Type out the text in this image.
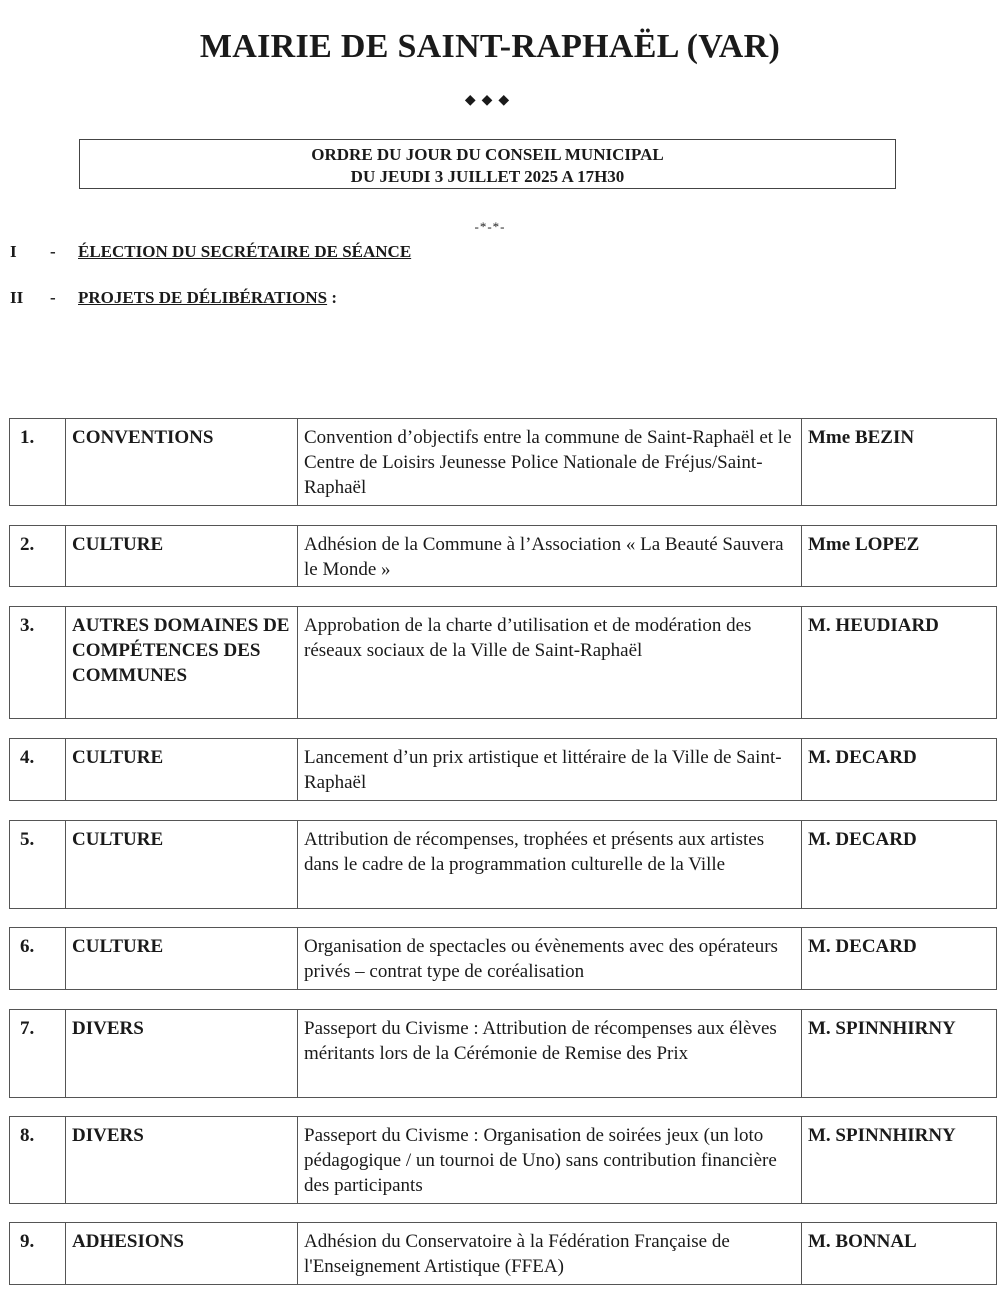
MAIRIE DE SAINT-RAPHAËL (VAR)
◆◆◆
ORDRE DU JOUR DU CONSEIL MUNICIPAL
DU JEUDI 3 JUILLET 2025 A 17H30
-*-*-
I - ÉLECTION DU SECRÉTAIRE DE SÉANCE
II - PROJETS DE DÉLIBÉRATIONS :
1.	CONVENTIONS	Convention d’objectifs entre la commune de Saint-Raphaël et le Centre de Loisirs Jeunesse Police Nationale de Fréjus/Saint-Raphaël	Mme BEZIN
2.	CULTURE	Adhésion de la Commune à l’Association « La Beauté Sauvera le Monde »	Mme LOPEZ
3.	AUTRES DOMAINES DE COMPÉTENCES DES COMMUNES	Approbation de la charte d’utilisation et de modération des réseaux sociaux de la Ville de Saint-Raphaël	M. HEUDIARD
4.	CULTURE	Lancement d’un prix artistique et littéraire de la Ville de Saint-Raphaël	M. DECARD
5.	CULTURE	Attribution de récompenses, trophées et présents aux artistes dans le cadre de la programmation culturelle de la Ville	M. DECARD
6.	CULTURE	Organisation de spectacles ou évènements avec des opérateurs privés – contrat type de coréalisation	M. DECARD
7.	DIVERS	Passeport du Civisme : Attribution de récompenses aux élèves méritants lors de la Cérémonie de Remise des Prix	M. SPINNHIRNY
8.	DIVERS	Passeport du Civisme : Organisation de soirées jeux (un loto pédagogique / un tournoi de Uno) sans contribution financière des participants	M. SPINNHIRNY
9.	ADHESIONS	Adhésion du Conservatoire à la Fédération Française de l'Enseignement Artistique (FFEA)	M. BONNAL
